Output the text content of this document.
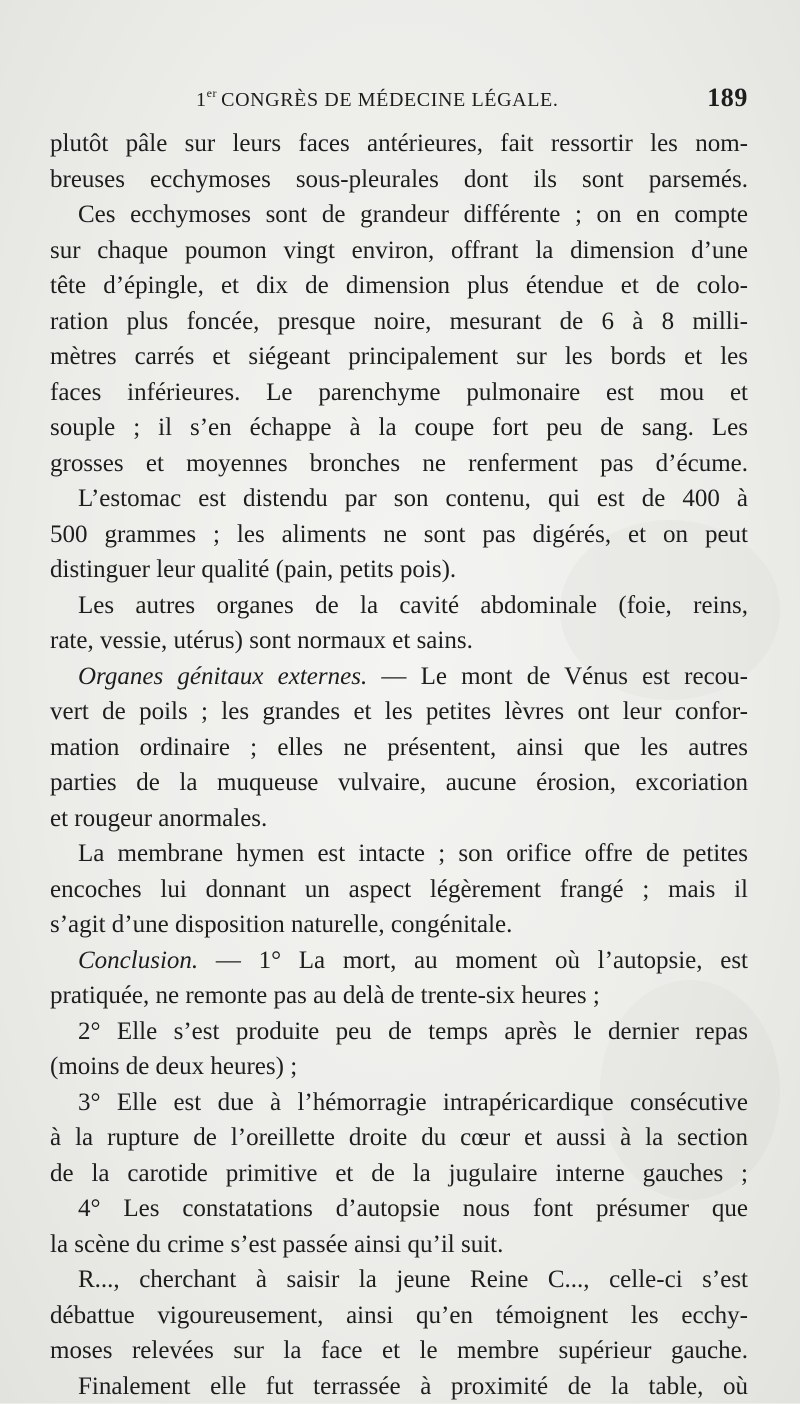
1er CONGRÈS DE MÉDECINE LÉGALE.	189
plutôt pâle sur leurs faces antérieures, fait ressortir les nom-
breuses ecchymoses sous-pleurales dont ils sont parsemés.
Ces ecchymoses sont de grandeur différente ; on en compte
sur chaque poumon vingt environ, offrant la dimension d’une
tête d’épingle, et dix de dimension plus étendue et de colo-
ration plus foncée, presque noire, mesurant de 6 à 8 milli-
mètres carrés et siégeant principalement sur les bords et les
faces inférieures. Le parenchyme pulmonaire est mou et
souple ; il s’en échappe à la coupe fort peu de sang. Les
grosses et moyennes bronches ne renferment pas d’écume.
L’estomac est distendu par son contenu, qui est de 400 à
500 grammes ; les aliments ne sont pas digérés, et on peut
distinguer leur qualité (pain, petits pois).
Les autres organes de la cavité abdominale (foie, reins,
rate, vessie, utérus) sont normaux et sains.
Organes génitaux externes. — Le mont de Vénus est recou-
vert de poils ; les grandes et les petites lèvres ont leur confor-
mation ordinaire ; elles ne présentent, ainsi que les autres
parties de la muqueuse vulvaire, aucune érosion, excoriation
et rougeur anormales.
La membrane hymen est intacte ; son orifice offre de petites
encoches lui donnant un aspect légèrement frangé ; mais il
s’agit d’une disposition naturelle, congénitale.
Conclusion. — 1° La mort, au moment où l’autopsie, est
pratiquée, ne remonte pas au delà de trente-six heures ;
2° Elle s’est produite peu de temps après le dernier repas
(moins de deux heures) ;
3° Elle est due à l’hémorragie intrapéricardique consécutive
à la rupture de l’oreillette droite du cœur et aussi à la section
de la carotide primitive et de la jugulaire interne gauches ;
4° Les constatations d’autopsie nous font présumer que
la scène du crime s’est passée ainsi qu’il suit.
R..., cherchant à saisir la jeune Reine C..., celle-ci s’est
débattue vigoureusement, ainsi qu’en témoignent les ecchy-
moses relevées sur la face et le membre supérieur gauche.
Finalement elle fut terrassée à proximité de la table, où
